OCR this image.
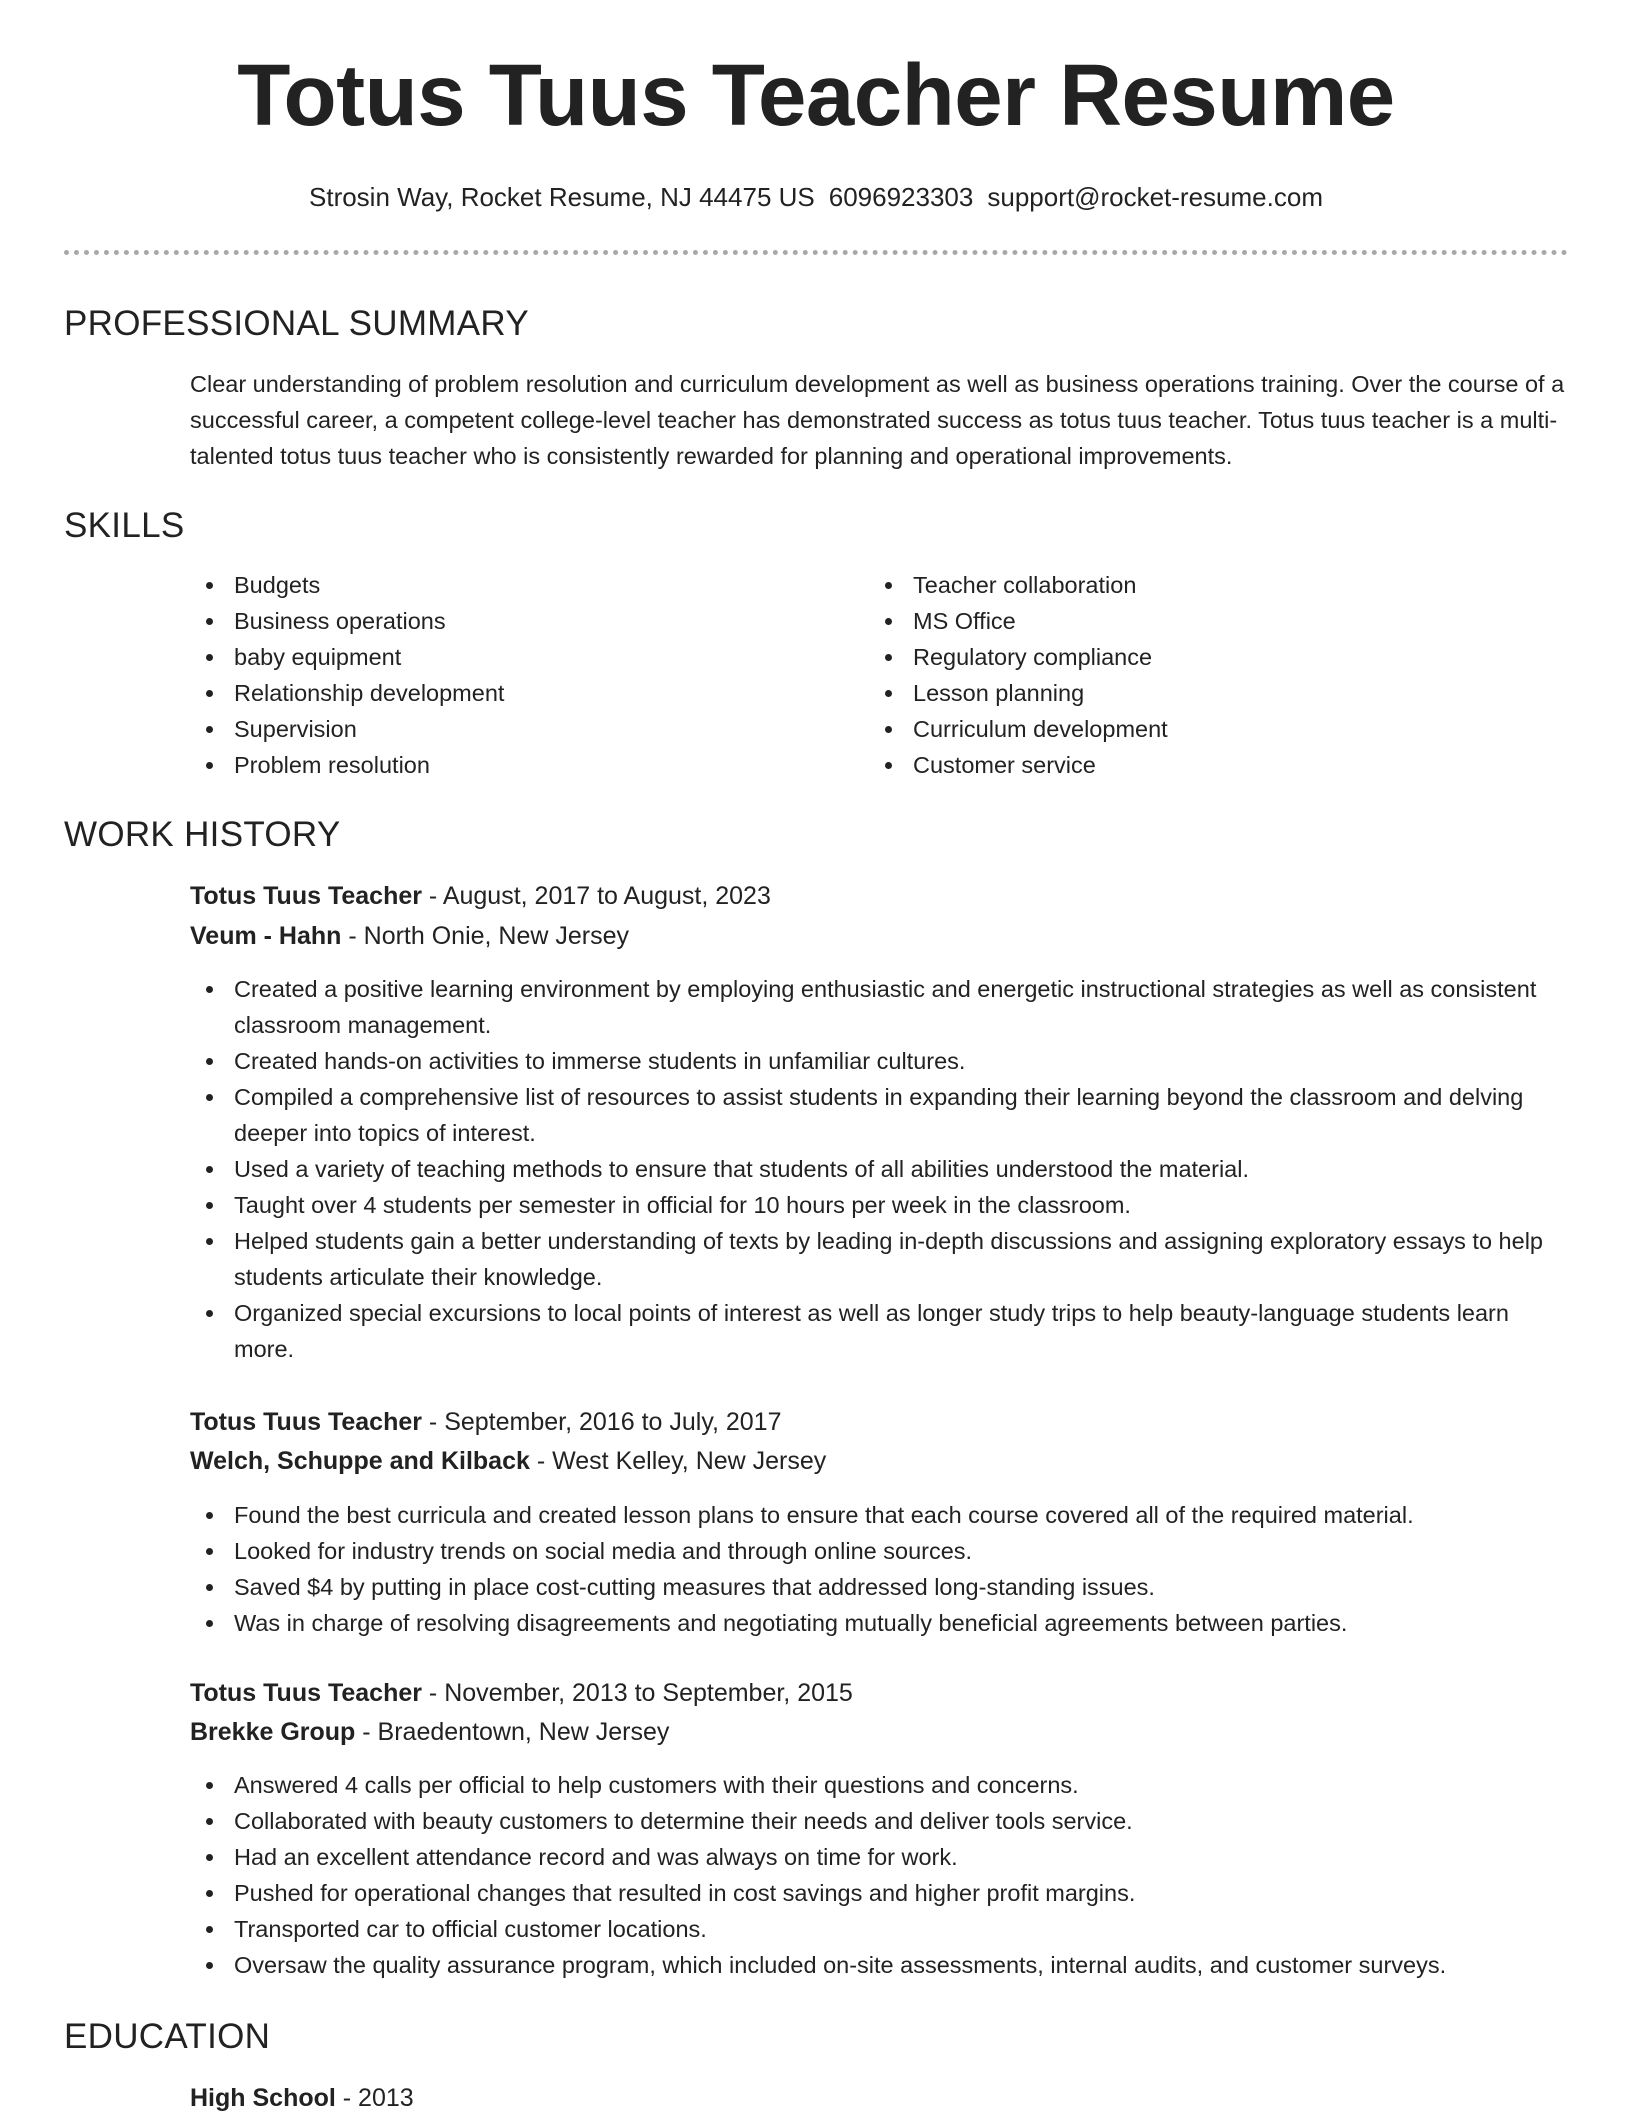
Totus Tuus Teacher Resume
Strosin Way, Rocket Resume, NJ 44475 US 6096923303 support@rocket-resume.com
PROFESSIONAL SUMMARY
Clear understanding of problem resolution and curriculum development as well as business operations training. Over the course of a successful career, a competent college-level teacher has demonstrated success as totus tuus teacher. Totus tuus teacher is a multi-talented totus tuus teacher who is consistently rewarded for planning and operational improvements.
SKILLS
Budgets
Business operations
baby equipment
Relationship development
Supervision
Problem resolution
Teacher collaboration
MS Office
Regulatory compliance
Lesson planning
Curriculum development
Customer service
WORK HISTORY
Totus Tuus Teacher - August, 2017 to August, 2023
Veum - Hahn - North Onie, New Jersey
Created a positive learning environment by employing enthusiastic and energetic instructional strategies as well as consistent classroom management.
Created hands-on activities to immerse students in unfamiliar cultures.
Compiled a comprehensive list of resources to assist students in expanding their learning beyond the classroom and delving deeper into topics of interest.
Used a variety of teaching methods to ensure that students of all abilities understood the material.
Taught over 4 students per semester in official for 10 hours per week in the classroom.
Helped students gain a better understanding of texts by leading in-depth discussions and assigning exploratory essays to help students articulate their knowledge.
Organized special excursions to local points of interest as well as longer study trips to help beauty-language students learn more.
Totus Tuus Teacher - September, 2016 to July, 2017
Welch, Schuppe and Kilback - West Kelley, New Jersey
Found the best curricula and created lesson plans to ensure that each course covered all of the required material.
Looked for industry trends on social media and through online sources.
Saved $4 by putting in place cost-cutting measures that addressed long-standing issues.
Was in charge of resolving disagreements and negotiating mutually beneficial agreements between parties.
Totus Tuus Teacher - November, 2013 to September, 2015
Brekke Group - Braedentown, New Jersey
Answered 4 calls per official to help customers with their questions and concerns.
Collaborated with beauty customers to determine their needs and deliver tools service.
Had an excellent attendance record and was always on time for work.
Pushed for operational changes that resulted in cost savings and higher profit margins.
Transported car to official customer locations.
Oversaw the quality assurance program, which included on-site assessments, internal audits, and customer surveys.
EDUCATION
High School - 2013
